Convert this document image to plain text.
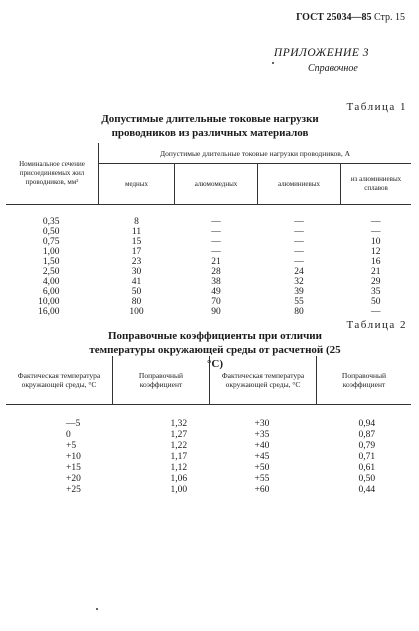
ГОСТ 25034—85 Стр. 15
ПРИЛОЖЕНИЕ 3
Справочное
Таблица 1
Допустимые длительные токовые нагрузки проводников из различных материалов
Номинальное сечение присоединяемых жил проводников, мм²	Допустимые длительные токовые нагрузки проводников, А			
	медных	алюмомедных	алюминиевых	из алюминиевых сплавов

0,35	8	—	—	—
0,50	11	—	—	—
0,75	15	—	—	10
1,00	17	—	—	12
1,50	23	21	—	16
2,50	30	28	24	21
4,00	41	38	32	29
6,00	50	49	39	35
10,00	80	70	55	50
16,00	100	90	80	—
Таблица 2
Поправочные коэффициенты при отличии температуры окружающей среды от расчетной (25 °С)
Фактическая температура окружающей среды, °С	Поправочный коэффициент	Фактическая температура окружающей среды, °С	Поправочный коэффициент

—5	1,32	+30	0,94
0	1,27	+35	0,87
+5	1,22	+40	0,79
+10	1,17	+45	0,71
+15	1,12	+50	0,61
+20	1,06	+55	0,50
+25	1,00	+60	0,44
